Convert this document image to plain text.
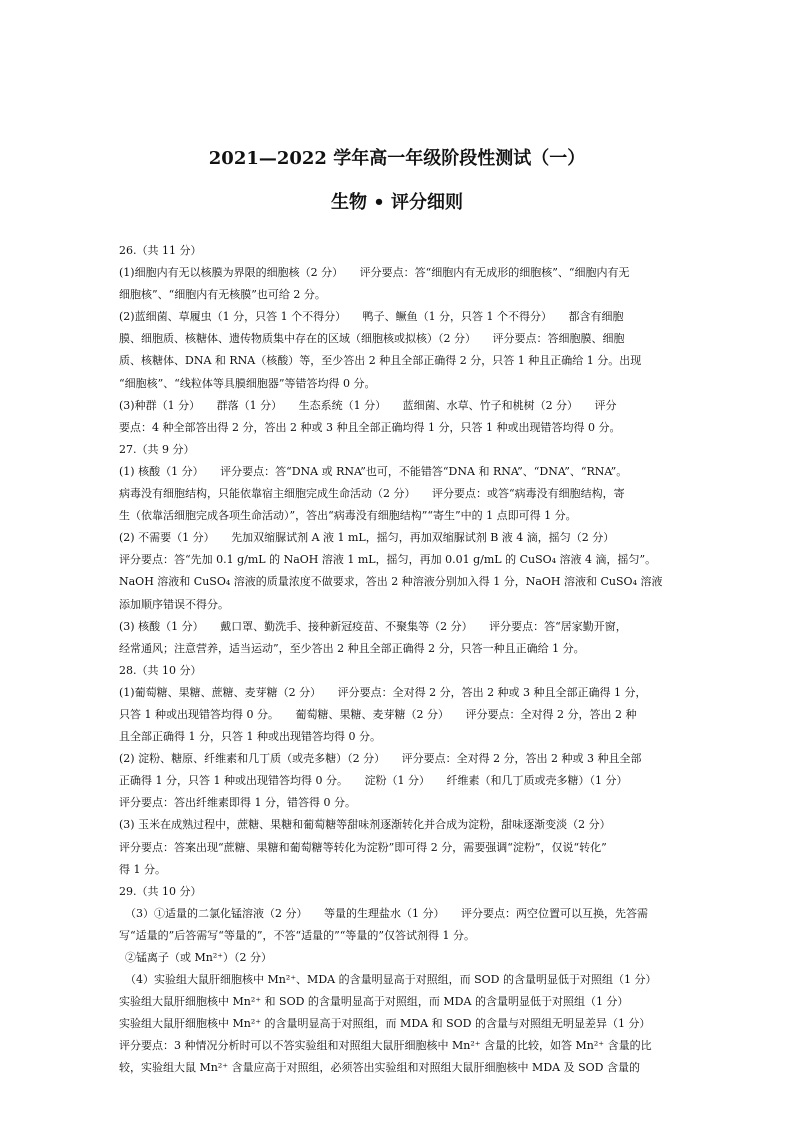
2021—2022 学年高一年级阶段性测试（一）
生物 • 评分细则
26.（共 11 分）
(1)细胞内有无以核膜为界限的细胞核（2 分）　　评分要点：答“细胞内有无成形的细胞核”、“细胞内有无
细胞核”、“细胞内有无核膜”也可给 2 分。
(2)蓝细菌、草履虫（1 分，只答 1 个不得分）　　鸭子、鳜鱼（1 分，只答 1 个不得分）　　都含有细胞
膜、细胞质、核糖体、遗传物质集中存在的区域（细胞核或拟核）（2 分）　　评分要点：答细胞膜、细胞
质、核糖体、DNA 和 RNA（核酸）等，至少答出 2 种且全部正确得 2 分，只答 1 种且正确给 1 分。出现
“细胞核”、“线粒体等具膜细胞器”等错答均得 0 分。
(3)种群（1 分）　　群落（1 分）　　生态系统（1 分）　　蓝细菌、水草、竹子和桃树（2 分）　　评分
要点：4 种全部答出得 2 分，答出 2 种或 3 种且全部正确均得 1 分，只答 1 种或出现错答均得 0 分。
27.（共 9 分）
(1) 核酸（1 分）　　评分要点：答“DNA 或 RNA”也可，不能错答“DNA 和 RNA”、“DNA”、“RNA”。
病毒没有细胞结构，只能依靠宿主细胞完成生命活动（2 分）　　评分要点：或答“病毒没有细胞结构，寄
生（依靠活细胞完成各项生命活动）”，答出“病毒没有细胞结构”“寄生”中的 1 点即可得 1 分。
(2) 不需要（1 分）　　先加双缩脲试剂 A 液 1 mL，摇匀，再加双缩脲试剂 B 液 4 滴，摇匀（2 分）
评分要点：答“先加 0.1 g/mL 的 NaOH 溶液 1 mL，摇匀，再加 0.01 g/mL 的 CuSO₄ 溶液 4 滴，摇匀”。
NaOH 溶液和 CuSO₄ 溶液的质量浓度不做要求，答出 2 种溶液分别加入得 1 分，NaOH 溶液和 CuSO₄ 溶液
添加顺序错误不得分。
(3) 核酸（1 分）　　戴口罩、勤洗手、接种新冠疫苗、不聚集等（2 分）　　评分要点：答“居家勤开窗，
经常通风；注意营养，适当运动”，至少答出 2 种且全部正确得 2 分，只答一种且正确给 1 分。
28.（共 10 分）
(1)葡萄糖、果糖、蔗糖、麦芽糖（2 分）　　评分要点：全对得 2 分，答出 2 种或 3 种且全部正确得 1 分，
只答 1 种或出现错答均得 0 分。　　葡萄糖、果糖、麦芽糖（2 分）　　评分要点：全对得 2 分，答出 2 种
且全部正确得 1 分，只答 1 种或出现错答均得 0 分。
(2) 淀粉、糖原、纤维素和几丁质（或壳多糖）（2 分）　　评分要点：全对得 2 分，答出 2 种或 3 种且全部
正确得 1 分，只答 1 种或出现错答均得 0 分。　　淀粉（1 分）　　纤维素（和几丁质或壳多糖）（1 分）
评分要点：答出纤维素即得 1 分，错答得 0 分。
(3) 玉米在成熟过程中，蔗糖、果糖和葡萄糖等甜味剂逐渐转化并合成为淀粉，甜味逐渐变淡（2 分）
评分要点：答案出现“蔗糖、果糖和葡萄糖等转化为淀粉”即可得 2 分，需要强调“淀粉”，仅说“转化”
得 1 分。
29.（共 10 分）
（3）①适量的二氯化锰溶液（2 分）　　等量的生理盐水（1 分）　　评分要点：两空位置可以互换，先答需
写“适量的”后答需写“等量的”，不答“适量的”“等量的”仅答试剂得 1 分。
②锰离子（或 Mn²⁺）（2 分）
（4）实验组大鼠肝细胞核中 Mn²⁺、MDA 的含量明显高于对照组，而 SOD 的含量明显低于对照组（1 分）
实验组大鼠肝细胞核中 Mn²⁺ 和 SOD 的含量明显高于对照组，而 MDA 的含量明显低于对照组（1 分）
实验组大鼠肝细胞核中 Mn²⁺ 的含量明显高于对照组，而 MDA 和 SOD 的含量与对照组无明显差异（1 分）
评分要点：3 种情况分析时可以不答实验组和对照组大鼠肝细胞核中 Mn²⁺ 含量的比较，如答 Mn²⁺ 含量的比
较，实验组大鼠 Mn²⁺ 含量应高于对照组，必须答出实验组和对照组大鼠肝细胞核中 MDA 及 SOD 含量的
